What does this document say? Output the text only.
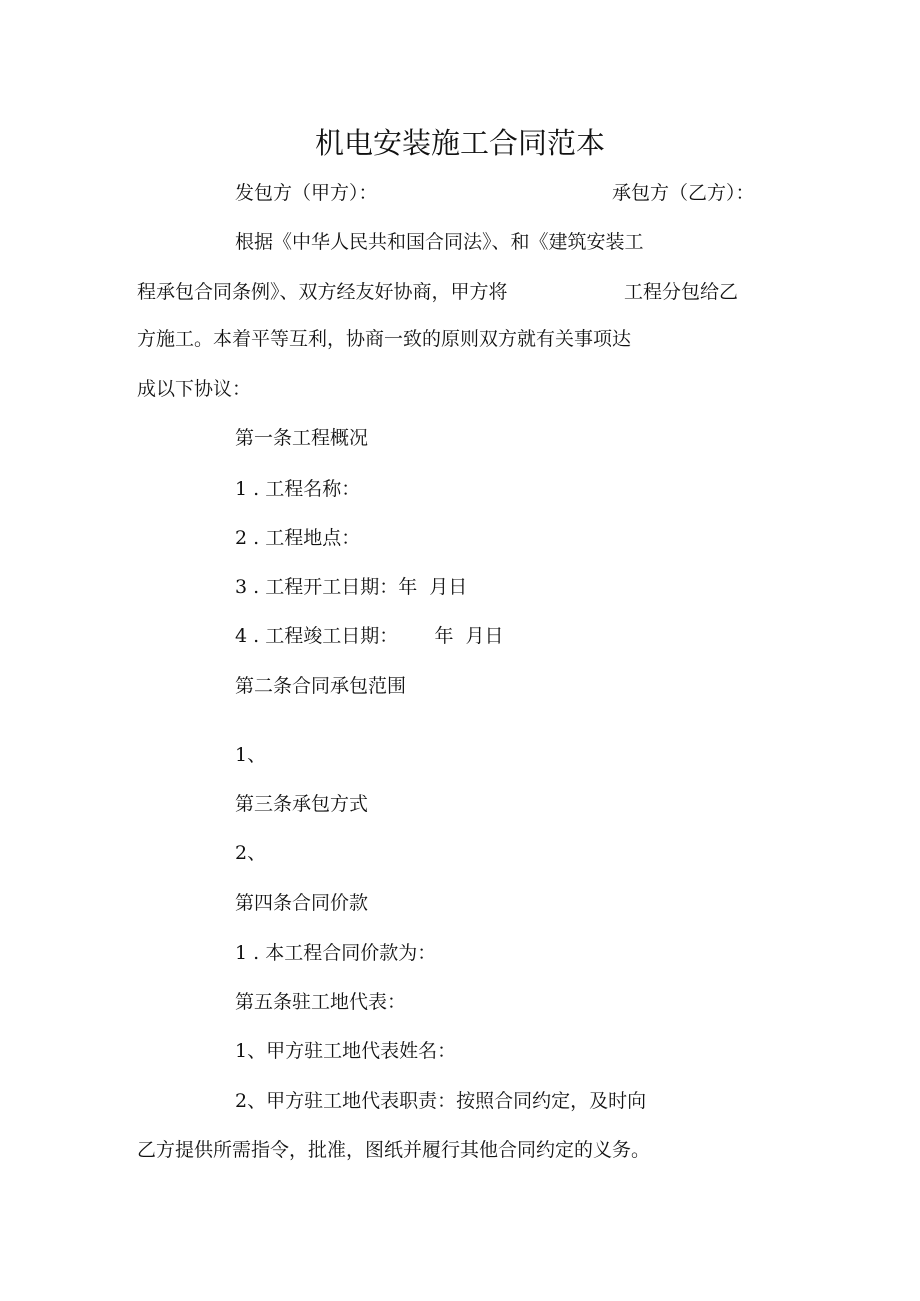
机电安装施工合同范本
发包方（甲方）：	承包方（乙方）：
根据《中华人民共和国合同法》、和《建筑安装工
程承包合同条例》、双方经友好协商，甲方将	工程分包给乙
方施工。本着平等互利，协商一致的原则双方就有关事项达
成以下协议：
第一条工程概况
1 . 工程名称：
2 . 工程地点：
3 . 工程开工日期：年  月日
4 . 工程竣工日期：      年  月日
第二条合同承包范围
1、
第三条承包方式
2、
第四条合同价款
1 . 本工程合同价款为：
第五条驻工地代表：
1、甲方驻工地代表姓名：
2、甲方驻工地代表职责：按照合同约定，及时向
乙方提供所需指令，批准，图纸并履行其他合同约定的义务。
